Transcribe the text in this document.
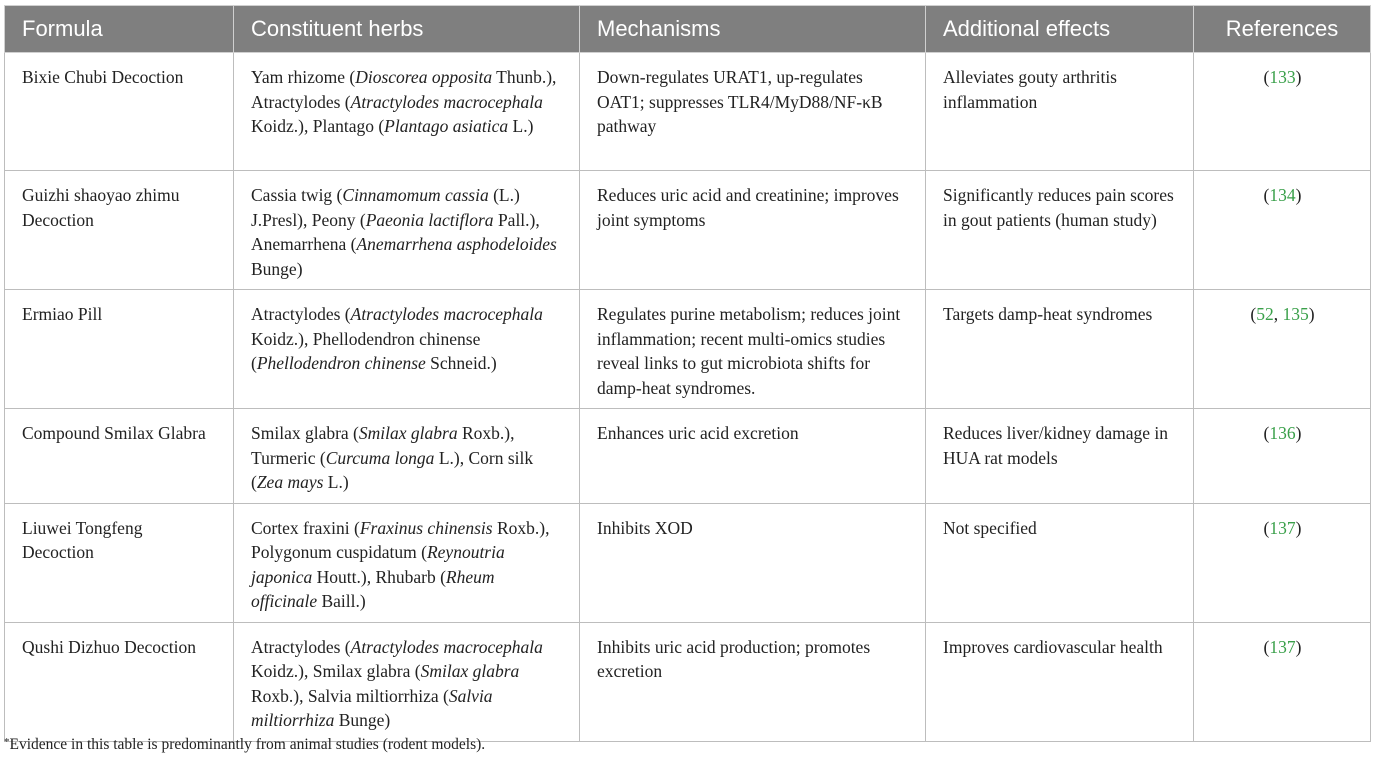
Formula	Constituent herbs	Mechanisms	Additional effects	References
Bixie Chubi Decoction	Yam rhizome (Dioscorea opposita Thunb.), Atractylodes (Atractylodes macrocephala Koidz.), Plantago (Plantago asiatica L.)	Down-regulates URAT1, up-regulates OAT1; suppresses TLR4/MyD88/NF-κB pathway	Alleviates gouty arthritis inflammation	(133)
Guizhi shaoyao zhimu Decoction	Cassia twig (Cinnamomum cassia (L.) J.Presl), Peony (Paeonia lactiflora Pall.), Anemarrhena (Anemarrhena asphodeloides Bunge)	Reduces uric acid and creatinine; improves joint symptoms	Significantly reduces pain scores in gout patients (human study)	(134)
Ermiao Pill	Atractylodes (Atractylodes macrocephala Koidz.), Phellodendron chinense (Phellodendron chinense Schneid.)	Regulates purine metabolism; reduces joint inflammation; recent multi-omics studies reveal links to gut microbiota shifts for damp-heat syndromes.	Targets damp-heat syndromes	(52, 135)
Compound Smilax Glabra	Smilax glabra (Smilax glabra Roxb.), Turmeric (Curcuma longa L.), Corn silk (Zea mays L.)	Enhances uric acid excretion	Reduces liver/kidney damage in HUA rat models	(136)
Liuwei Tongfeng Decoction	Cortex fraxini (Fraxinus chinensis Roxb.), Polygonum cuspidatum (Reynoutria japonica Houtt.), Rhubarb (Rheum officinale Baill.)	Inhibits XOD	Not specified	(137)
Qushi Dizhuo Decoction	Atractylodes (Atractylodes macrocephala Koidz.), Smilax glabra (Smilax glabra Roxb.), Salvia miltiorrhiza (Salvia miltiorrhiza Bunge)	Inhibits uric acid production; promotes excretion	Improves cardiovascular health	(137)
*Evidence in this table is predominantly from animal studies (rodent models).
